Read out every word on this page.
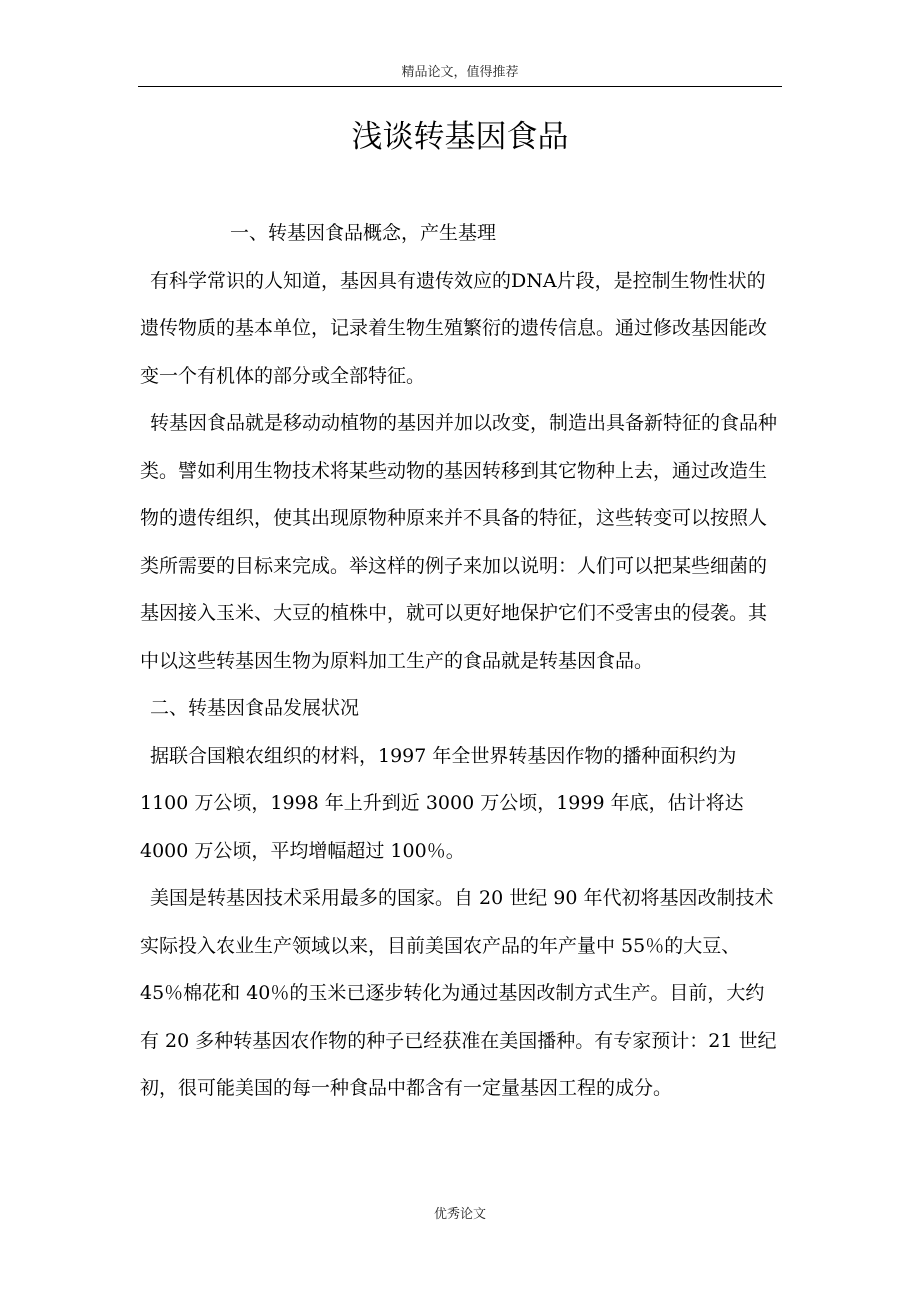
精品论文，值得推荐
浅谈转基因食品

一、转基因食品概念，产生基理

有科学常识的人知道，基因具有遗传效应的DNA片段，是控制生物性状的遗传物质的基本单位，记录着生物生殖繁衍的遗传信息。通过修改基因能改变一个有机体的部分或全部特征。

转基因食品就是移动动植物的基因并加以改变，制造出具备新特征的食品种类。譬如利用生物技术将某些动物的基因转移到其它物种上去，通过改造生物的遗传组织，使其出现原物种原来并不具备的特征，这些转变可以按照人类所需要的目标来完成。举这样的例子来加以说明：人们可以把某些细菌的基因接入玉米、大豆的植株中，就可以更好地保护它们不受害虫的侵袭。其中以这些转基因生物为原料加工生产的食品就是转基因食品。

二、转基因食品发展状况

据联合国粮农组织的材料，1997 年全世界转基因作物的播种面积约为 1100 万公顷，1998 年上升到近 3000 万公顷，1999 年底，估计将达 4000 万公顷，平均增幅超过 100％。

美国是转基因技术采用最多的国家。自 20 世纪 90 年代初将基因改制技术实际投入农业生产领域以来，目前美国农产品的年产量中 55％的大豆、45％棉花和 40％的玉米已逐步转化为通过基因改制方式生产。目前，大约有 20 多种转基因农作物的种子已经获准在美国播种。有专家预计：21 世纪初，很可能美国的每一种食品中都含有一定量基因工程的成分。

优秀论文
